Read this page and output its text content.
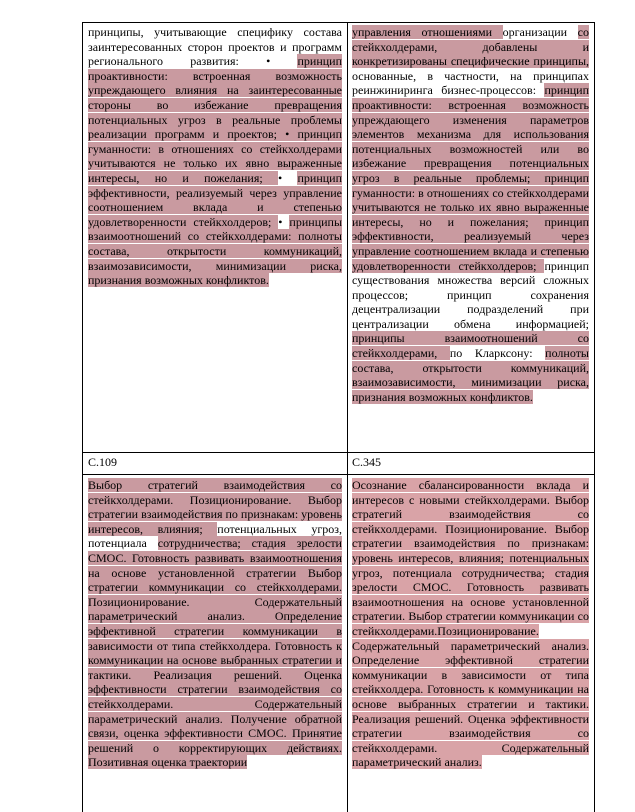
принципы, учитывающие специфику состава заинтересованных сторон проектов и программ регионального развития: • принцип проактивности: встроенная возможность упреждающего влияния на заинтересованные стороны во избежание превращения потенциальных угроз в реальные проблемы реализации программ и проектов; • принцип гуманности: в отношениях со стейкхолдерами учитываются не только их явно выраженные интересы, но и пожелания; • принцип эффективности, реализуемый через управление соотношением вклада и степенью удовлетворенности стейкхолдеров; • принципы взаимоотношений со стейкхолдерами: полноты состава, открытости коммуникаций, взаимозависимости, минимизации риска, признания возможных конфликтов.
управления отношениями организации со стейкхолдерами, добавлены и конкретизированы специфические принципы, основанные, в частности, на принципах реинжиниринга бизнес-процессов: принцип проактивности: встроенная возможность упреждающего изменения параметров элементов механизма для использования потенциальных возможностей или во избежание превращения потенциальных угроз в реальные проблемы; принцип гуманности: в отношениях со стейкхолдерами учитываются не только их явно выраженные интересы, но и пожелания; принцип эффективности, реализуемый через управление соотношением вклада и степенью удовлетворенности стейкхолдеров; принцип существования множества версий сложных процессов; принцип сохранения децентрализации подразделений при централизации обмена информацией; принципы взаимоотношений со стейкхолдерами, по Кларксону: полноты состава, открытости коммуникаций, взаимозависимости, минимизации риска, признания возможных конфликтов.
С.109	С.345
Выбор стратегий взаимодействия со стейкхолдерами. Позиционирование. Выбор стратегии взаимодействия по признакам: уровень интересов, влияния; потенциальных угроз, потенциала сотрудничества; стадия зрелости СМОС. Готовность развивать взаимоотношения на основе установленной стратегии Выбор стратегии коммуникации со стейкхолдерами. Позиционирование. Содержательный параметрический анализ. Определение эффективной стратегии коммуникации в зависимости от типа стейкхолдера. Готовность к коммуникации на основе выбранных стратегии и тактики. Реализация решений. Оценка эффективности стратегии взаимодействия со стейкхолдерами. Содержательный параметрический анализ. Получение обратной связи, оценка эффективности СМОС. Принятие решений о корректирующих действиях. Позитивная оценка траектории
Осознание сбалансированности вклада и интересов с новыми стейкхолдерами. Выбор стратегий взаимодействия со стейкхолдерами. Позиционирование. Выбор стратегии взаимодействия по признакам: уровень интересов, влияния; потенциальных угроз, потенциала сотрудничества; стадия зрелости СМОС. Готовность развивать взаимоотношения на основе установленной стратегии. Выбор стратегии коммуникации со стейкхолдерами.Позиционирование. Содержательный параметрический анализ. Определение эффективной стратегии коммуникации в зависимости от типа стейкхолдера. Готовность к коммуникации на основе выбранных стратегии и тактики. Реализация решений. Оценка эффективности стратегии взаимодействия со стейкхолдерами. Содержательный параметрический анализ.
